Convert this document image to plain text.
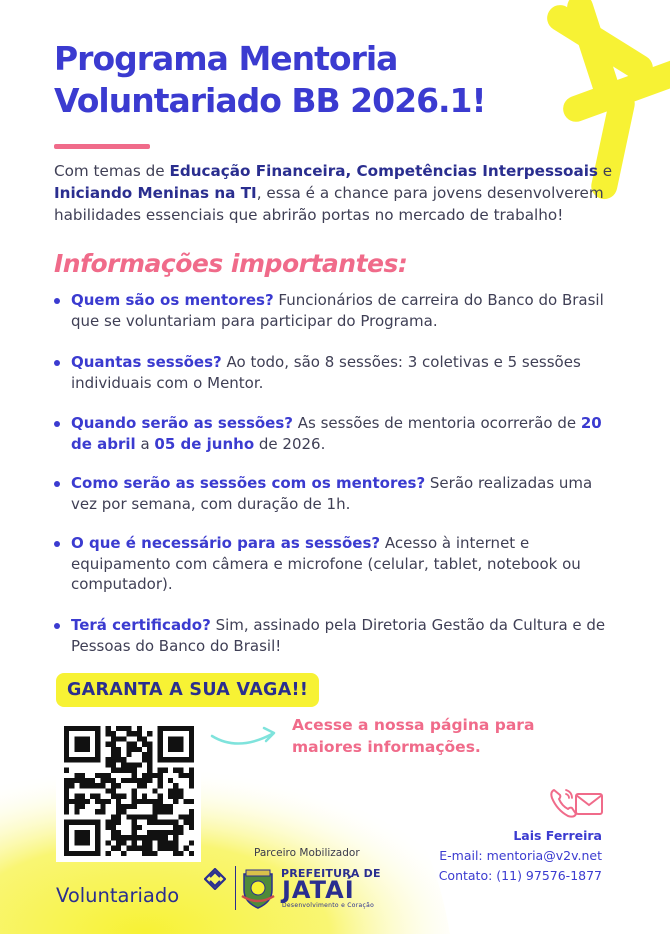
Programa Mentoria
Voluntariado BB 2026.1!

Com temas de Educação Financeira, Competências Interpessoais e
Iniciando Meninas na TI, essa é a chance para jovens desenvolverem habilidades essenciais que abrirão portas no mercado de trabalho!

Informações importantes:
Quem são os mentores? Funcionários de carreira do Banco do Brasil que se voluntariam para participar do Programa.
Quantas sessões? Ao todo, são 8 sessões: 3 coletivas e 5 sessões individuais com o Mentor.
Quando serão as sessões? As sessões de mentoria ocorrerão de 20 de abril a 05 de junho de 2026.
Como serão as sessões com os mentores? Serão realizadas uma vez por semana, com duração de 1h.
O que é necessário para as sessões? Acesso à internet e equipamento com câmera e microfone (celular, tablet, notebook ou computador).
Terá certificado? Sim, assinado pela Diretoria Gestão da Cultura e de Pessoas do Banco do Brasil!
GARANTA A SUA VAGA!!
Acesse a nossa página para maiores informações.
Lais Ferreira
E-mail: mentoria@v2v.net
Contato: (11) 97576-1877
Voluntariado
Parceiro Mobilizador
PREFEITURA DE
JATAÍ
Desenvolvimento e Coração
